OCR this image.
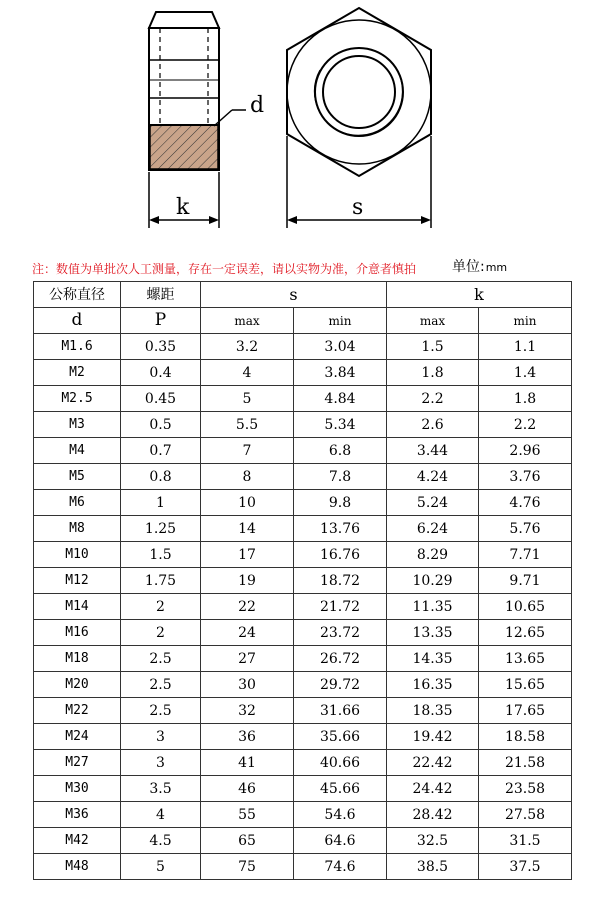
d
k	s
注：数值为单批次人工测量，存在一定误差，请以实物为准，介意者慎拍	单位:mm
公称直径	螺距	s		k	
d	P	max	min	max	min
M1.6	0.35	3.2	3.04	1.5	1.1
M2	0.4	4	3.84	1.8	1.4
M2.5	0.45	5	4.84	2.2	1.8
M3	0.5	5.5	5.34	2.6	2.2
M4	0.7	7	6.8	3.44	2.96
M5	0.8	8	7.8	4.24	3.76
M6	1	10	9.8	5.24	4.76
M8	1.25	14	13.76	6.24	5.76
M10	1.5	17	16.76	8.29	7.71
M12	1.75	19	18.72	10.29	9.71
M14	2	22	21.72	11.35	10.65
M16	2	24	23.72	13.35	12.65
M18	2.5	27	26.72	14.35	13.65
M20	2.5	30	29.72	16.35	15.65
M22	2.5	32	31.66	18.35	17.65
M24	3	36	35.66	19.42	18.58
M27	3	41	40.66	22.42	21.58
M30	3.5	46	45.66	24.42	23.58
M36	4	55	54.6	28.42	27.58
M42	4.5	65	64.6	32.5	31.5
M48	5	75	74.6	38.5	37.5
